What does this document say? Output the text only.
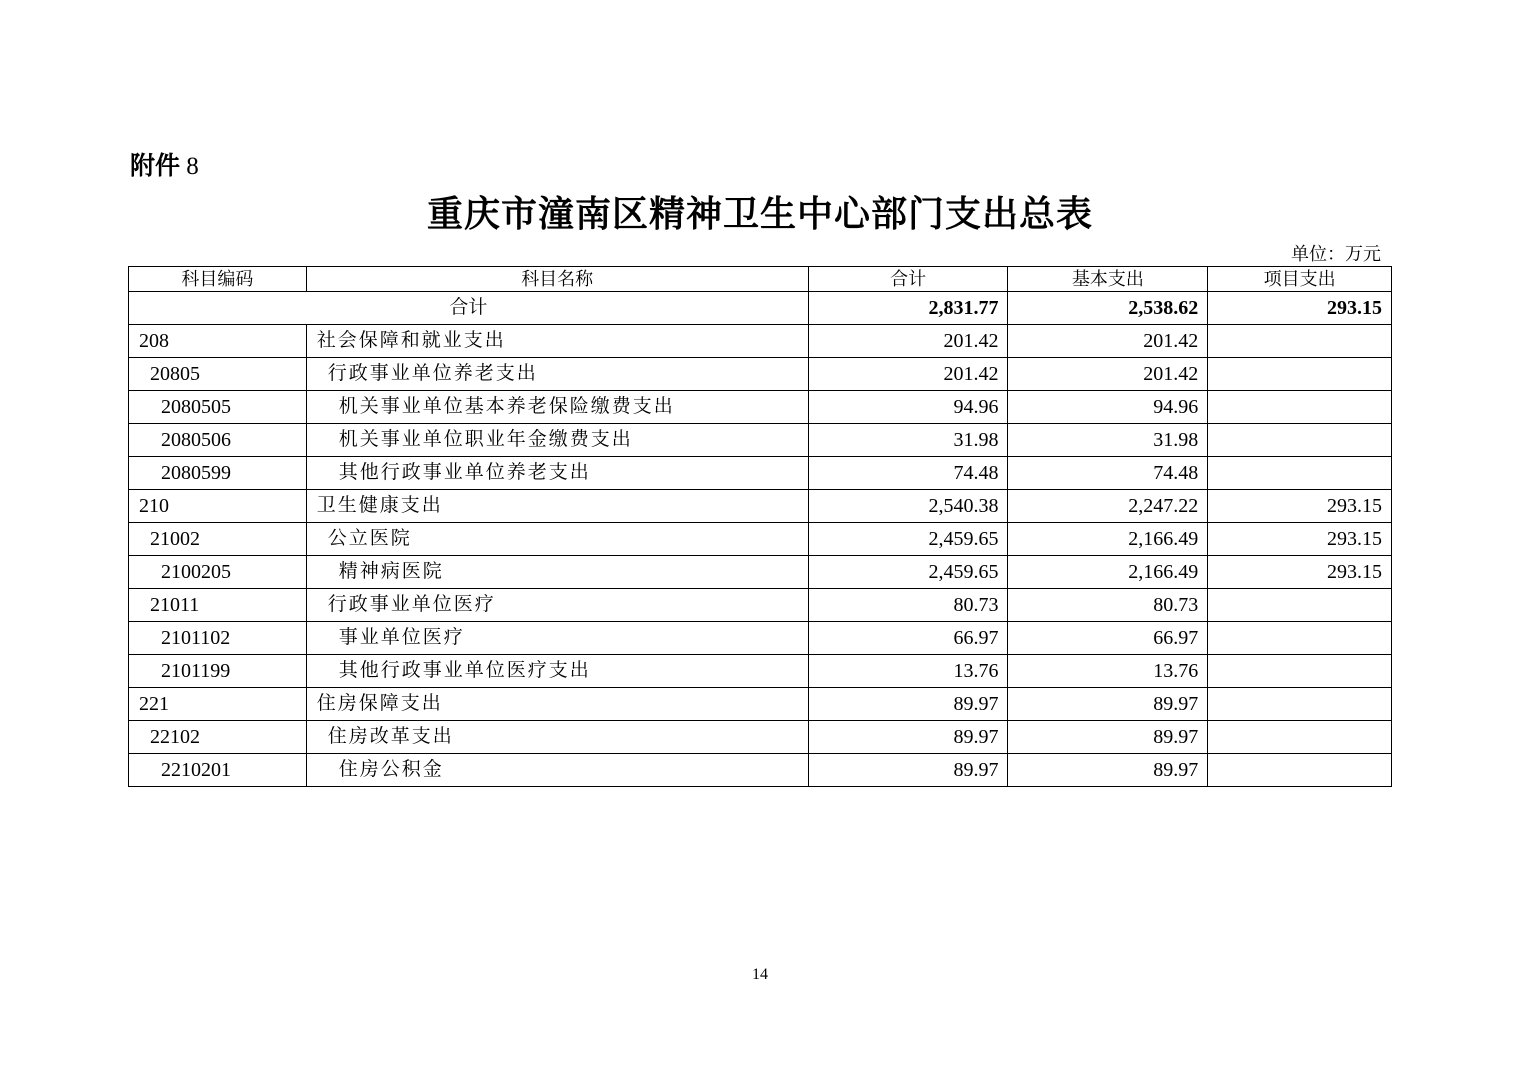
附件 8
重庆市潼南区精神卫生中心部门支出总表
单位：万元
科目编码	科目名称	合计	基本支出	项目支出
合计		2,831.77	2,538.62	293.15
208	社会保障和就业支出	201.42	201.42	
20805	行政事业单位养老支出	201.42	201.42	
2080505	机关事业单位基本养老保险缴费支出	94.96	94.96	
2080506	机关事业单位职业年金缴费支出	31.98	31.98	
2080599	其他行政事业单位养老支出	74.48	74.48	
210	卫生健康支出	2,540.38	2,247.22	293.15
21002	公立医院	2,459.65	2,166.49	293.15
2100205	精神病医院	2,459.65	2,166.49	293.15
21011	行政事业单位医疗	80.73	80.73	
2101102	事业单位医疗	66.97	66.97	
2101199	其他行政事业单位医疗支出	13.76	13.76	
221	住房保障支出	89.97	89.97	
22102	住房改革支出	89.97	89.97	
2210201	住房公积金	89.97	89.97	
14
